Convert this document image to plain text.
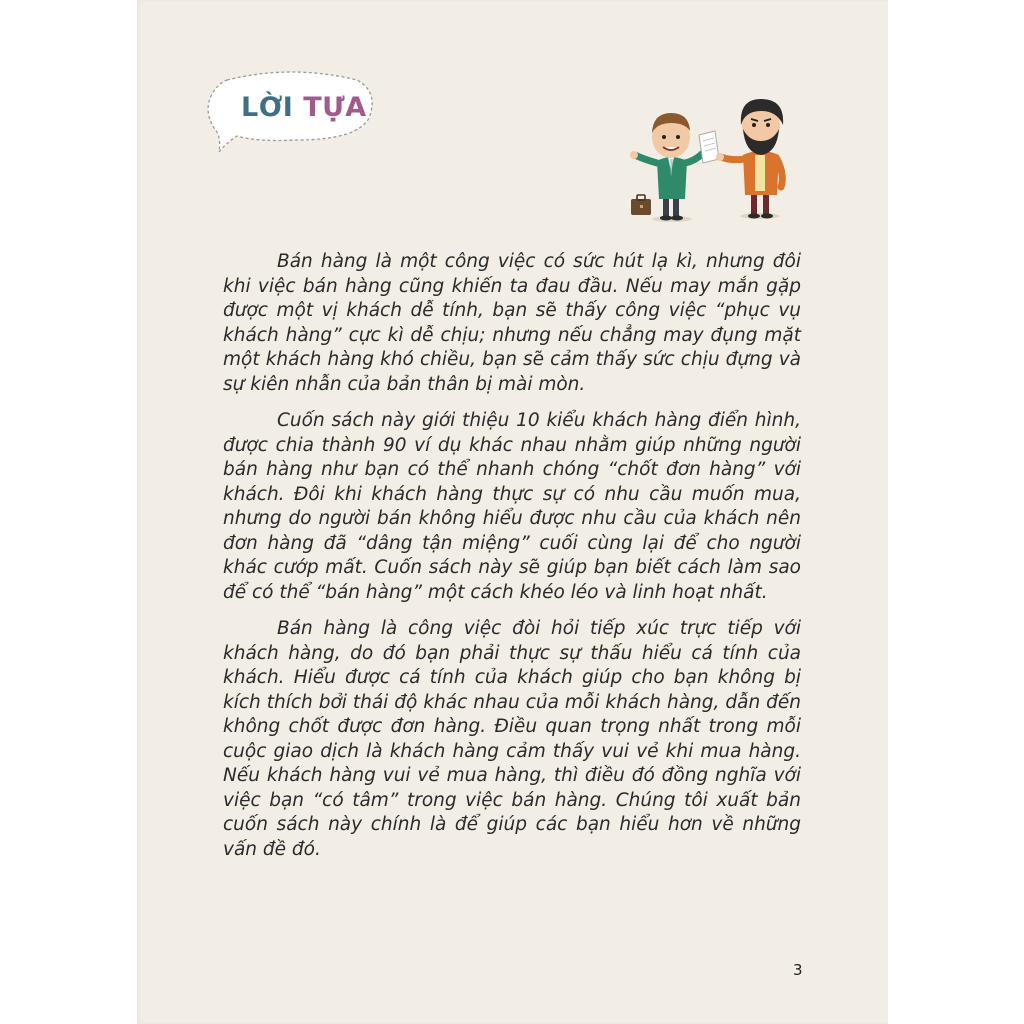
LỜI TỰA

Bán hàng là một công việc có sức hút lạ kì, nhưng đôi khi việc bán hàng cũng khiến ta đau đầu. Nếu may mắn gặp được một vị khách dễ tính, bạn sẽ thấy công việc “phục vụ khách hàng” cực kì dễ chịu; nhưng nếu chẳng may đụng mặt một khách hàng khó chiều, bạn sẽ cảm thấy sức chịu đựng và sự kiên nhẫn của bản thân bị mài mòn.

Cuốn sách này giới thiệu 10 kiểu khách hàng điển hình, được chia thành 90 ví dụ khác nhau nhằm giúp những người bán hàng như bạn có thể nhanh chóng “chốt đơn hàng” với khách. Đôi khi khách hàng thực sự có nhu cầu muốn mua, nhưng do người bán không hiểu được nhu cầu của khách nên đơn hàng đã “dâng tận miệng” cuối cùng lại để cho người khác cướp mất. Cuốn sách này sẽ giúp bạn biết cách làm sao để có thể “bán hàng” một cách khéo léo và linh hoạt nhất.

Bán hàng là công việc đòi hỏi tiếp xúc trực tiếp với khách hàng, do đó bạn phải thực sự thấu hiểu cá tính của khách. Hiểu được cá tính của khách giúp cho bạn không bị kích thích bởi thái độ khác nhau của mỗi khách hàng, dẫn đến không chốt được đơn hàng. Điều quan trọng nhất trong mỗi cuộc giao dịch là khách hàng cảm thấy vui vẻ khi mua hàng. Nếu khách hàng vui vẻ mua hàng, thì điều đó đồng nghĩa với việc bạn “có tâm” trong việc bán hàng. Chúng tôi xuất bản cuốn sách này chính là để giúp các bạn hiểu hơn về những vấn đề đó.

3
